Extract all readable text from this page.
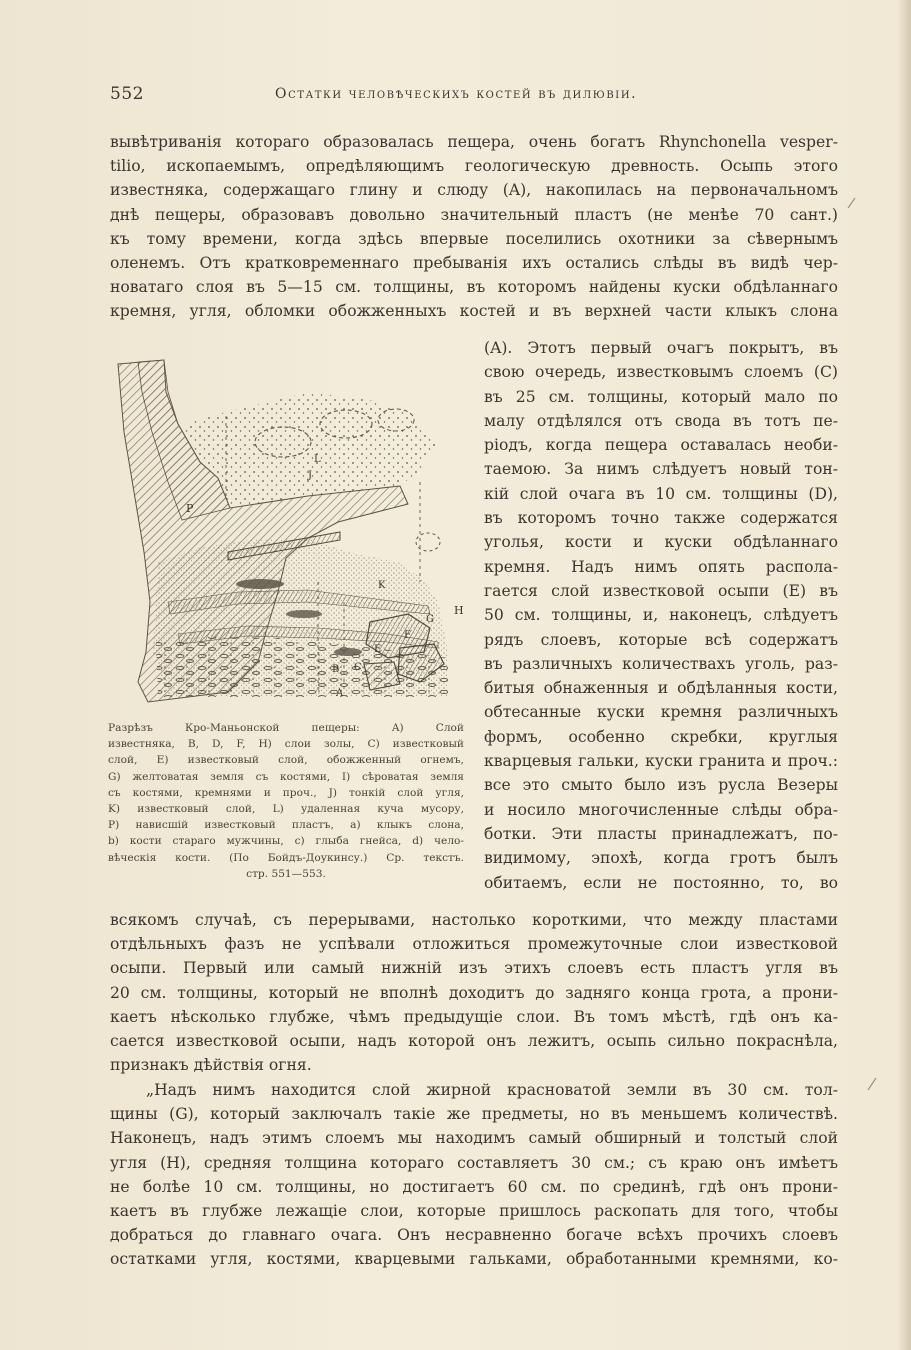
552	Остатки человѣческихъ костей въ дилювіи.
вывѣтриванія котораго образовалась пещера, очень богатъ Rhynchonella vesper-
tilio, ископаемымъ, опредѣляющимъ геологическую древность. Осыпь этого
известняка, содержащаго глину и слюду (A), накопилась на первоначальномъ
днѣ пещеры, образовавъ довольно значительный пластъ (не менѣе 70 сант.)
къ тому времени, когда здѣсь впервые поселились охотники за сѣвернымъ
оленемъ. Отъ кратковременнаго пребыванія ихъ остались слѣды въ видѣ чер-
новатаго слоя въ 5—15 см. толщины, въ которомъ найдены куски обдѣланнаго
кремня, угля, обломки обожженныхъ костей и въ верхней части клыкъ слона
P
L
J
K
H
F
E
C
B
G
A
Разрѣзъ Кро-Маньонской пещеры: A) Слой
известняка, B, D, F, H) слои золы, C) известковый
слой, E) известковый слой, обожженный огнемъ,
G) желтоватая земля съ костями, I) сѣроватая земля
съ костями, кремнями и проч., J) тонкій слой угля,
K) известковый слой, L) удаленная куча мусору,
P) нависшій известковый пластъ, a) клыкъ слона,
b) кости стараго мужчины, c) глыба гнейса, d) чело-
вѣческія кости. (По Бойдъ-Доукинсу.) Ср. текстъ.
стр. 551—553.
(A). Этотъ первый очагъ покрытъ, въ
свою очередь, известковымъ слоемъ (C)
въ 25 см. толщины, который мало по
малу отдѣлялся отъ свода въ тотъ пе-
ріодъ, когда пещера оставалась необи-
таемою. За нимъ слѣдуетъ новый тон-
кій слой очага въ 10 см. толщины (D),
въ которомъ точно также содержатся
уголья, кости и куски обдѣланнаго
кремня. Надъ нимъ опять распола-
гается слой известковой осыпи (E) въ
50 см. толщины, и, наконецъ, слѣдуетъ
рядъ слоевъ, которые всѣ содержатъ
въ различныхъ количествахъ уголь, раз-
битыя обнаженныя и обдѣланныя кости,
обтесанные куски кремня различныхъ
формъ, особенно скребки, круглыя
кварцевыя гальки, куски гранита и проч.:
все это смыто было изъ русла Везеры
и носило многочисленные слѣды обра-
ботки. Эти пласты принадлежатъ, по-
видимому, эпохѣ, когда гротъ былъ
обитаемъ, если не постоянно, то, во
всякомъ случаѣ, съ перерывами, настолько короткими, что между пластами
отдѣльныхъ фазъ не успѣвали отложиться промежуточные слои известковой
осыпи. Первый или самый нижній изъ этихъ слоевъ есть пластъ угля въ
20 см. толщины, который не вполнѣ доходитъ до задняго конца грота, а прони-
каетъ нѣсколько глубже, чѣмъ предыдущіе слои. Въ томъ мѣстѣ, гдѣ онъ ка-
сается известковой осыпи, надъ которой онъ лежитъ, осыпь сильно покраснѣла,
признакъ дѣйствія огня.
„Надъ нимъ находится слой жирной красноватой земли въ 30 см. тол-
щины (G), который заключалъ такіе же предметы, но въ меньшемъ количествѣ.
Наконецъ, надъ этимъ слоемъ мы находимъ самый обширный и толстый слой
угля (H), средняя толщина котораго составляетъ 30 см.; съ краю онъ имѣетъ
не болѣе 10 см. толщины, но достигаетъ 60 см. по срединѣ, гдѣ онъ прони-
каетъ въ глубже лежащіе слои, которые пришлось раскопать для того, чтобы
добраться до главнаго очага. Онъ несравненно богаче всѣхъ прочихъ слоевъ
остатками угля, костями, кварцевыми гальками, обработанными кремнями, ко-
